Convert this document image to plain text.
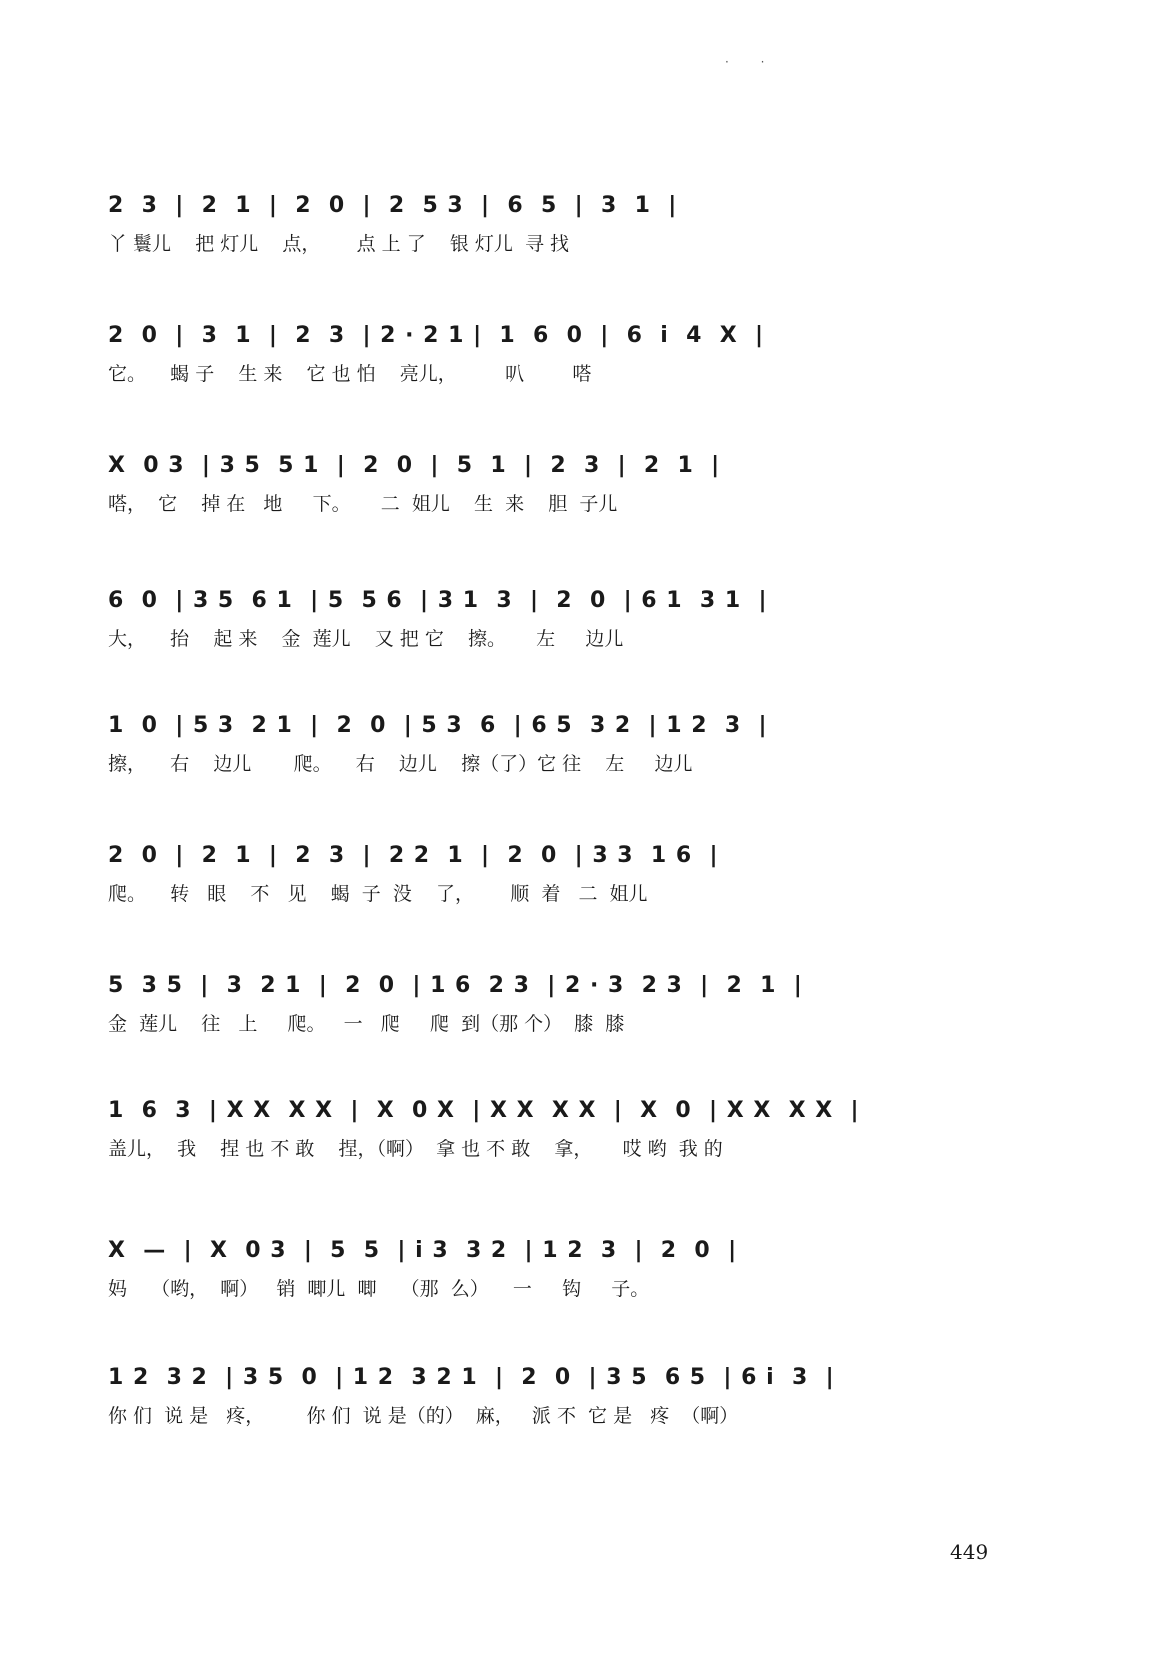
· ·
2  3  |  2  1  |  2  0  |  2  5 3  |  6  5  |  3  1  |
丫 鬟儿    把 灯儿    点，      点 上 了    银 灯儿  寻 找
2  0  |  3  1  |  2  3  | 2 · 2 1 |  1  6  0  |  6  i  4  X  |
它。    蝎 子    生 来    它 也 怕    亮儿，        叭        嗒
X  0 3  | 3 5  5 1  |  2  0  |  5  1  |  2  3  |  2  1  |
嗒，  它    掉 在   地     下。     二  姐儿    生  来    胆  子儿
6  0  | 3 5  6 1  | 5  5 6  | 3 1  3  |  2  0  | 6 1  3 1  |
大，    抬    起 来    金  莲儿    又 把 它    擦。     左     边儿
1  0  | 5 3  2 1  |  2  0  | 5 3  6  | 6 5  3 2  | 1 2  3  |
擦，    右    边儿       爬。    右    边儿    擦（了）它 往    左     边儿
2  0  |  2  1  |  2  3  |  2 2  1  |  2  0  | 3 3  1 6  |
爬。    转   眼    不   见    蝎  子  没    了，      顺  着   二  姐儿
5  3 5  |  3  2 1  |  2  0  | 1 6  2 3  | 2 · 3  2 3  |  2  1  |
金  莲儿    往   上     爬。   一   爬     爬  到（那 个）  膝  膝
1  6  3  | X X  X X  |  X  0 X  | X X  X X  |  X  0  | X X  X X  |
盖儿，  我    捏 也 不 敢    捏，（啊）  拿 也 不 敢    拿，     哎 哟  我 的
X  —  |  X  0 3  |  5  5  | i 3  3 2  | 1 2  3  |  2  0  |
妈    （哟，  啊）   销  唧儿  唧    （那  么）    一     钩     子。
1 2  3 2  | 3 5  0  | 1 2  3 2 1  |  2  0  | 3 5  6 5  | 6 i  3  |
你 们  说 是   疼，       你 们  说 是（的）  麻，   派 不  它 是   疼  （啊）
449
